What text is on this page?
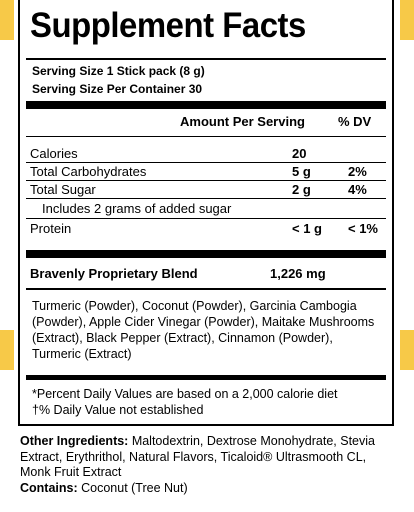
Supplement Facts
Serving Size 1 Stick pack (8 g)
Serving Size Per Container 30
Amount Per Serving	% DV
Calories	20
Total Carbohydrates	5 g	2%
Total Sugar	2 g	4%
Includes 2 grams of added sugar
Protein	< 1 g < 1%
Bravenly Proprietary Blend	1,226 mg
Turmeric (Powder), Coconut (Powder), Garcinia Cambogia (Powder), Apple Cider Vinegar (Powder), Maitake Mushrooms (Extract), Black Pepper (Extract), Cinnamon (Powder), Turmeric (Extract)
*Percent Daily Values are based on a 2,000 calorie diet
†% Daily Value not established
Other Ingredients: Maltodextrin, Dextrose Monohydrate, Stevia Extract, Erythrithol, Natural Flavors, Ticaloid® Ultrasmooth CL, Monk Fruit Extract
Contains: Coconut (Tree Nut)
